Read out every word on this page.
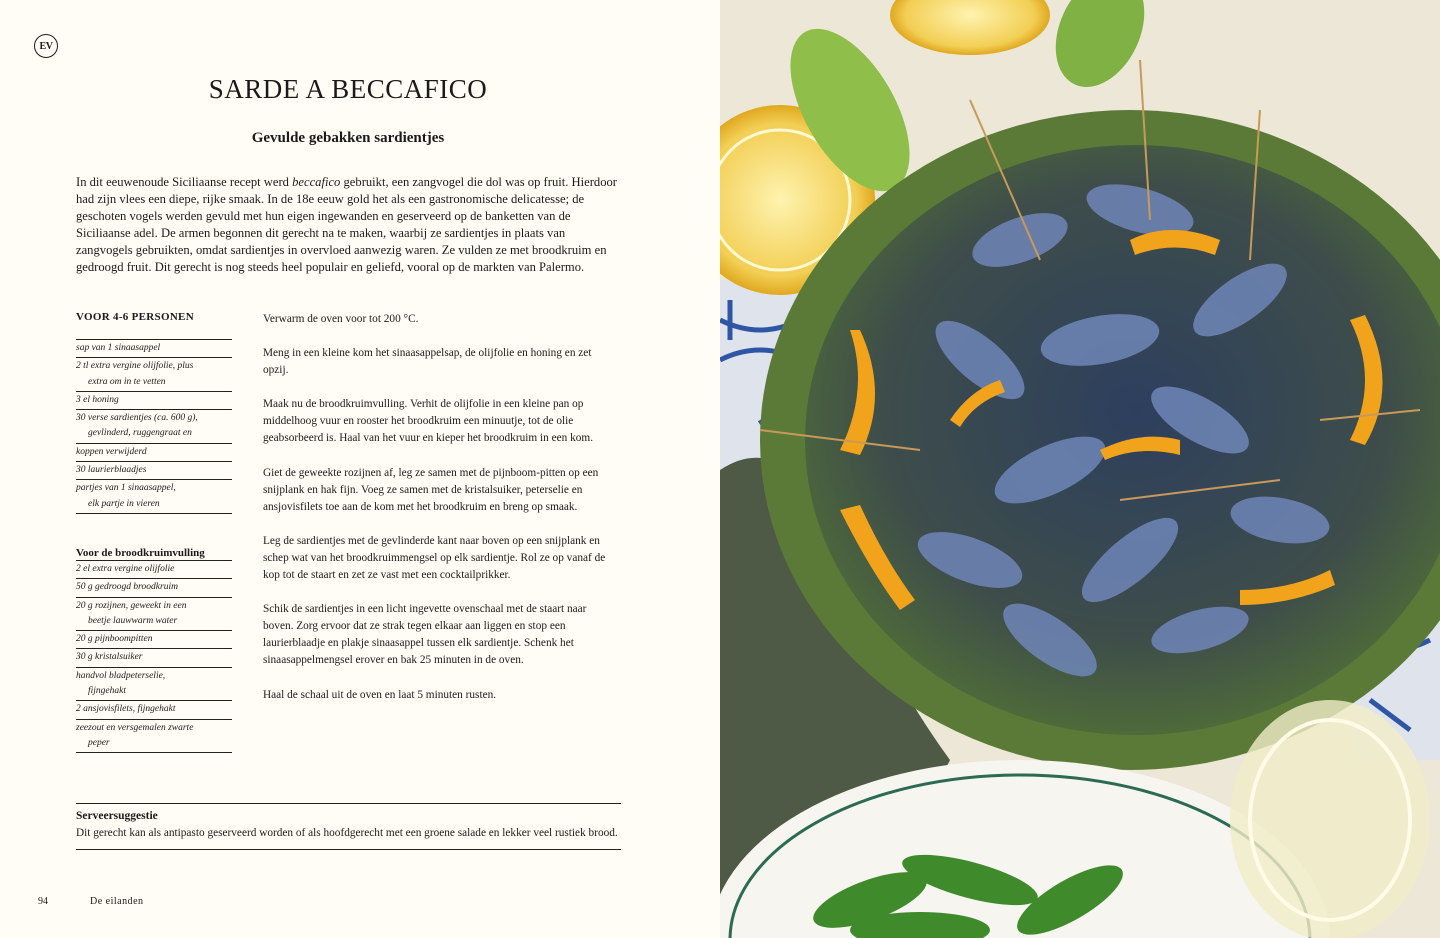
EV
SARDE A BECCAFICO
Gevulde gebakken sardientjes

In dit eeuwenoude Siciliaanse recept werd beccafico gebruikt, een zangvogel die dol was op fruit. Hierdoor had zijn vlees een diepe, rijke smaak. In de 18e eeuw gold het als een gastronomische delicatesse; de geschoten vogels werden gevuld met hun eigen ingewanden en geserveerd op de banketten van de Siciliaanse adel. De armen begonnen dit gerecht na te maken, waarbij ze sardientjes in plaats van zangvogels gebruikten, omdat sardientjes in overvloed aanwezig waren. Ze vulden ze met broodkruim en gedroogd fruit. Dit gerecht is nog steeds heel populair en geliefd, vooral op de markten van Palermo.

VOOR 4-6 PERSONEN
sap van 1 sinaasappel
2 tl extra vergine olijfolie, plus
extra om in te vetten
3 el honing
30 verse sardientjes (ca. 600 g),
gevlinderd, ruggengraat en
koppen verwijderd
30 laurierblaadjes
partjes van 1 sinaasappel,
elk partje in vieren
Voor de broodkruimvulling
2 el extra vergine olijfolie
50 g gedroogd broodkruim
20 g rozijnen, geweekt in een
beetje lauwwarm water
20 g pijnboompitten
30 g kristalsuiker
handvol bladpeterselie,
fijngehakt
2 ansjovisfilets, fijngehakt
zeezout en versgemalen zwarte
peper

Verwarm de oven voor tot 200 °C.

Meng in een kleine kom het sinaasappelsap, de olijfolie en honing en zet opzij.

Maak nu de broodkruimvulling. Verhit de olijfolie in een kleine pan op middelhoog vuur en rooster het broodkruim een minuutje, tot de olie geabsorbeerd is. Haal van het vuur en kieper het broodkruim in een kom.

Giet de geweekte rozijnen af, leg ze samen met de pijnboom-pitten op een snijplank en hak fijn. Voeg ze samen met de kristalsuiker, peterselie en ansjovisfilets toe aan de kom met het broodkruim en breng op smaak.

Leg de sardientjes met de gevlinderde kant naar boven op een snijplank en schep wat van het broodkruimmengsel op elk sardientje. Rol ze op vanaf de kop tot de staart en zet ze vast met een cocktailprikker.

Schik de sardientjes in een licht ingevette ovenschaal met de staart naar boven. Zorg ervoor dat ze strak tegen elkaar aan liggen en stop een laurierblaadje en plakje sinaasappel tussen elk sardientje. Schenk het sinaasappelmengsel erover en bak 25 minuten in de oven.

Haal de schaal uit de oven en laat 5 minuten rusten.

Serveersuggestie
Dit gerecht kan als antipasto geserveerd worden of als hoofdgerecht met een groene salade en lekker veel rustiek brood.
94	De eilanden
